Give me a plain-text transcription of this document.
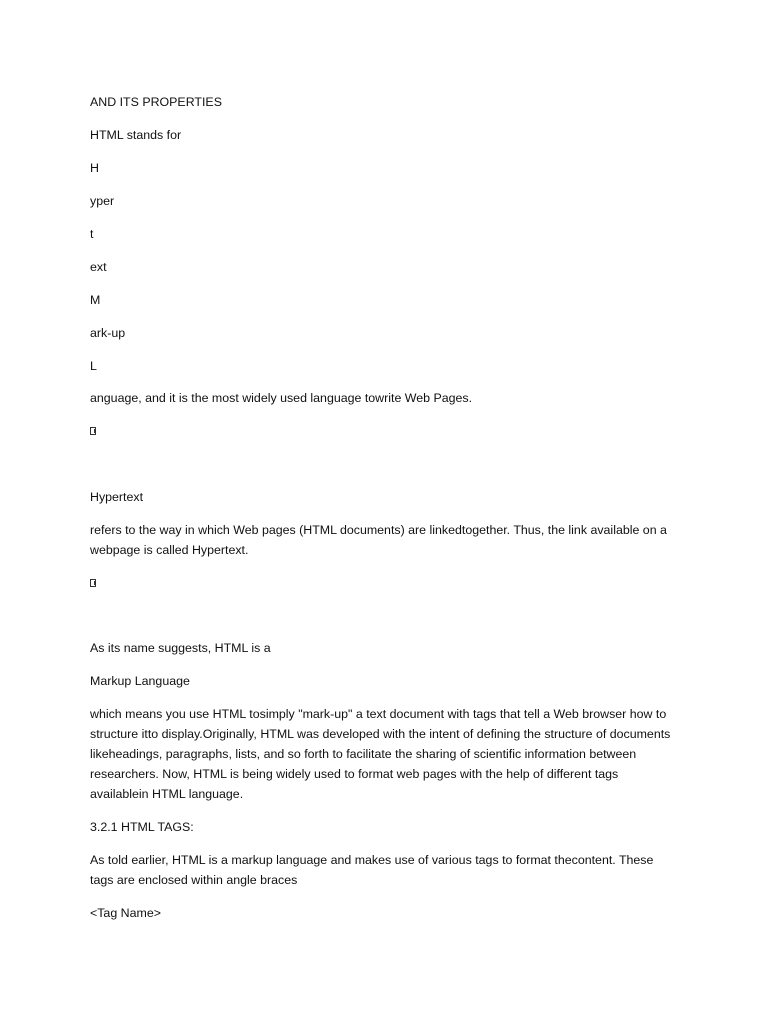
AND ITS PROPERTIES

HTML stands for

H

yper

t

ext

M

ark-up

L

anguage, and it is the most widely used language towrite Web Pages.

Hypertext

refers to the way in which Web pages (HTML documents) are linkedtogether. Thus, the link available on a webpage is called Hypertext.

As its name suggests, HTML is a

Markup Language

which means you use HTML tosimply "mark-up" a text document with tags that tell a Web browser how to structure itto display.Originally, HTML was developed with the intent of defining the structure of documents likeheadings, paragraphs, lists, and so forth to facilitate the sharing of scientific information between researchers. Now, HTML is being widely used to format web pages with the help of different tags availablein HTML language.

3.2.1 HTML TAGS:

As told earlier, HTML is a markup language and makes use of various tags to format thecontent. These tags are enclosed within angle braces

<Tag Name>
